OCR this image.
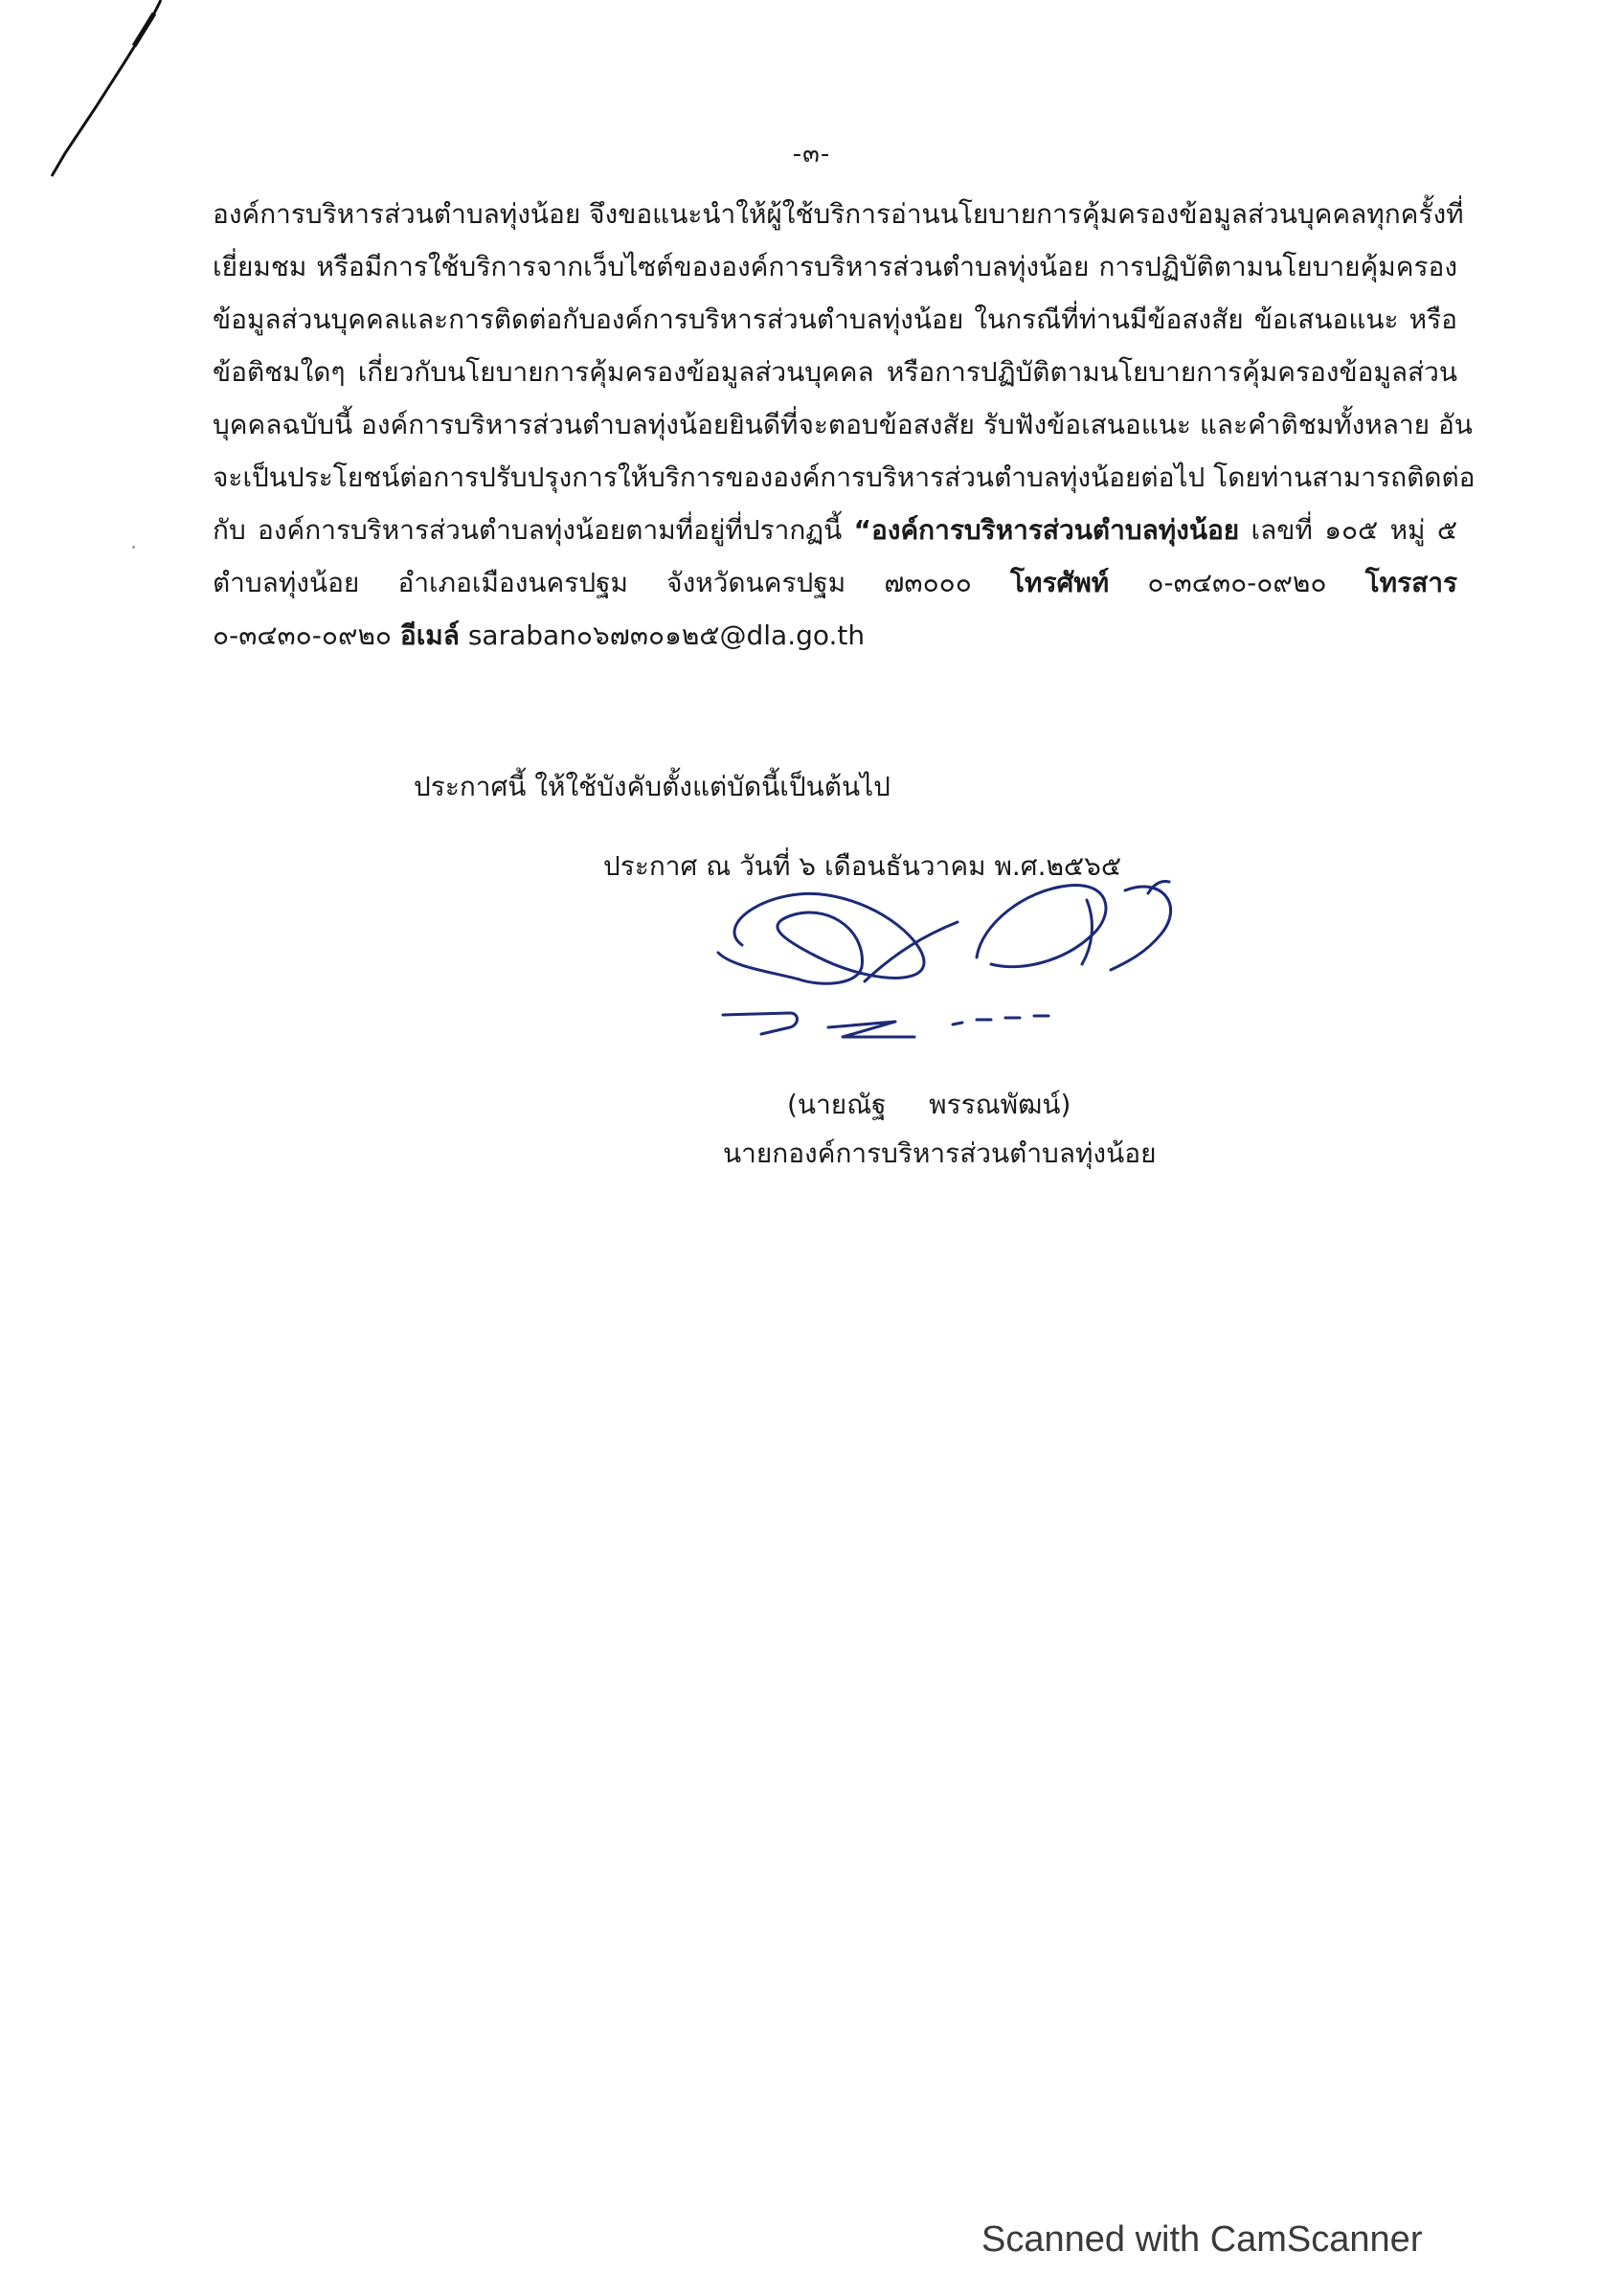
-๓-
องค์การบริหารส่วนตำบลทุ่งน้อย จึงขอแนะนำให้ผู้ใช้บริการอ่านนโยบายการคุ้มครองข้อมูลส่วนบุคคลทุกครั้งที่
เยี่ยมชม หรือมีการใช้บริการจากเว็บไซต์ขององค์การบริหารส่วนตำบลทุ่งน้อย การปฏิบัติตามนโยบายคุ้มครอง
ข้อมูลส่วนบุคคลและการติดต่อกับองค์การบริหารส่วนตำบลทุ่งน้อย ในกรณีที่ท่านมีข้อสงสัย ข้อเสนอแนะ หรือ
ข้อติชมใดๆ เกี่ยวกับนโยบายการคุ้มครองข้อมูลส่วนบุคคล หรือการปฏิบัติตามนโยบายการคุ้มครองข้อมูลส่วน
บุคคลฉบับนี้ องค์การบริหารส่วนตำบลทุ่งน้อยยินดีที่จะตอบข้อสงสัย รับฟังข้อเสนอแนะ และคำติชมทั้งหลาย อัน
จะเป็นประโยชน์ต่อการปรับปรุงการให้บริการขององค์การบริหารส่วนตำบลทุ่งน้อยต่อไป โดยท่านสามารถติดต่อ
กับ องค์การบริหารส่วนตำบลทุ่งน้อยตามที่อยู่ที่ปรากฏนี้ “องค์การบริหารส่วนตำบลทุ่งน้อย เลขที่ ๑๐๕ หมู่ ๕
ตำบลทุ่งน้อย อำเภอเมืองนครปฐม จังหวัดนครปฐม ๗๓๐๐๐ โทรศัพท์ ๐-๓๔๓๐-๐๙๒๐ โทรสาร
๐-๓๔๓๐-๐๙๒๐ อีเมล์ saraban๐๖๗๓๐๑๒๕@dla.go.th
ประกาศนี้ ให้ใช้บังคับตั้งแต่บัดนี้เป็นต้นไป
ประกาศ ณ วันที่ ๖ เดือนธันวาคม พ.ศ.๒๕๖๕
(นายณัฐ     พรรณพัฒน์)
นายกองค์การบริหารส่วนตำบลทุ่งน้อย
Scanned with CamScanner
